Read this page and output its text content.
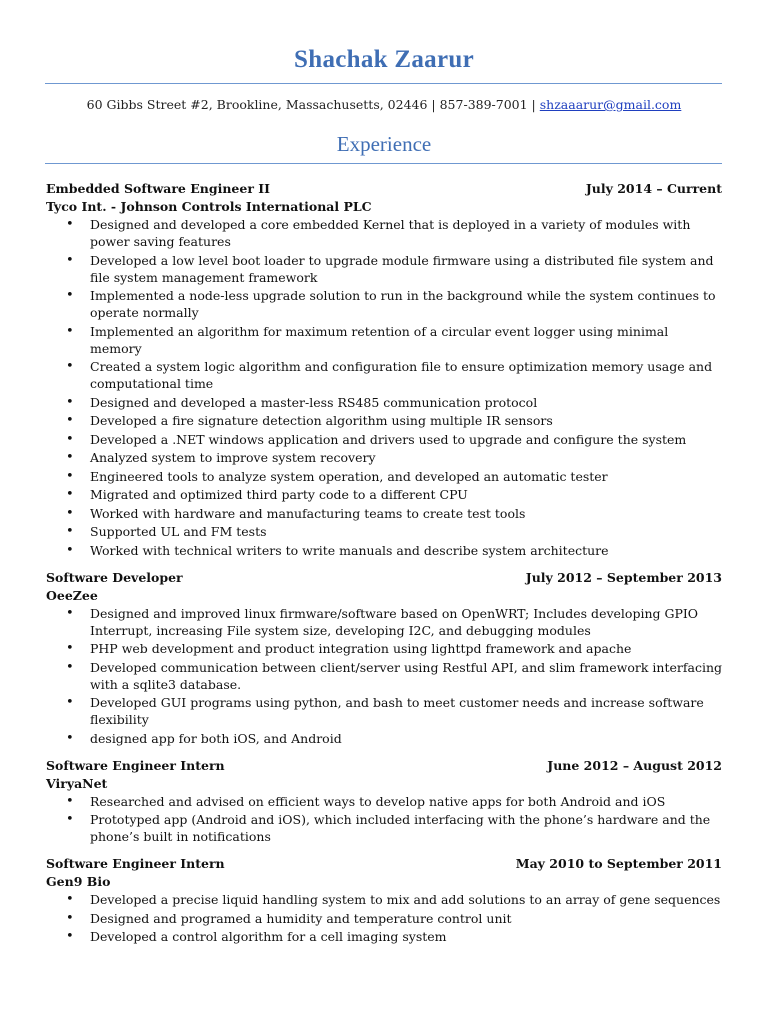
Shachak Zaarur
60 Gibbs Street #2, Brookline, Massachusetts, 02446 | 857-389-7001 | shzaaarur@gmail.com
Experience
Embedded Software Engineer II	July 2014 – Current
Tyco Int. - Johnson Controls International PLC
• Designed and developed a core embedded Kernel that is deployed in a variety of modules with power saving features
• Developed a low level boot loader to upgrade module firmware using a distributed file system and file system management framework
• Implemented a node-less upgrade solution to run in the background while the system continues to operate normally
• Implemented an algorithm for maximum retention of a circular event logger using minimal memory
• Created a system logic algorithm and configuration file to ensure optimization memory usage and computational time
• Designed and developed a master-less RS485 communication protocol
• Developed a fire signature detection algorithm using multiple IR sensors
• Developed a .NET windows application and drivers used to upgrade and configure the system
• Analyzed system to improve system recovery
• Engineered tools to analyze system operation, and developed an automatic tester
• Migrated and optimized third party code to a different CPU
• Worked with hardware and manufacturing teams to create test tools
• Supported UL and FM tests
• Worked with technical writers to write manuals and describe system architecture
Software Developer	July 2012 – September 2013
OeeZee
• Designed and improved linux firmware/software based on OpenWRT; Includes developing GPIO Interrupt, increasing File system size, developing I2C, and debugging modules
• PHP web development and product integration using lighttpd framework and apache
• Developed communication between client/server using Restful API, and slim framework interfacing with a sqlite3 database.
• Developed GUI programs using python, and bash to meet customer needs and increase software flexibility
• designed app for both iOS, and Android
Software Engineer Intern	June 2012 – August 2012
ViryaNet
• Researched and advised on efficient ways to develop native apps for both Android and iOS
• Prototyped app (Android and iOS), which included interfacing with the phone’s hardware and the phone’s built in notifications
Software Engineer Intern	May 2010 to September 2011
Gen9 Bio
• Developed a precise liquid handling system to mix and add solutions to an array of gene sequences
• Designed and programed a humidity and temperature control unit
• Developed a control algorithm for a cell imaging system
